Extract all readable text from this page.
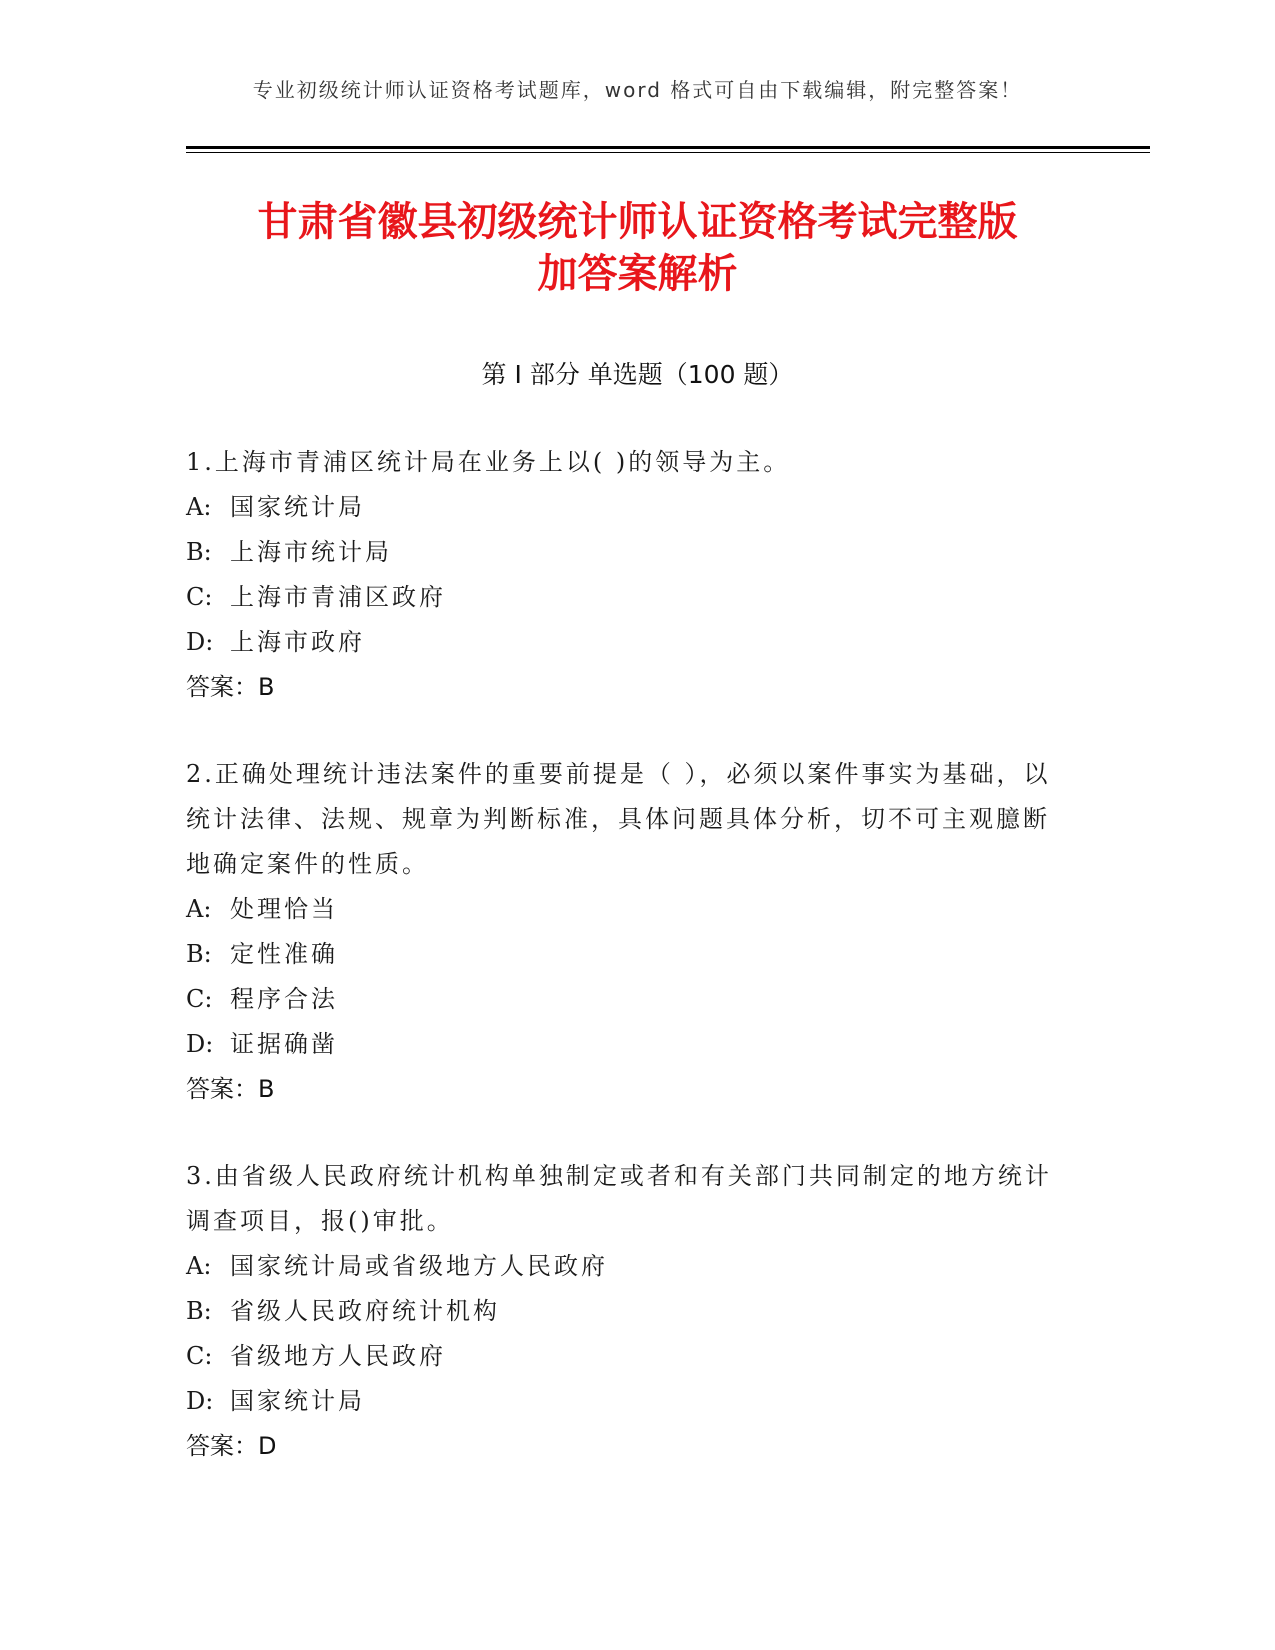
专业初级统计师认证资格考试题库，word 格式可自由下载编辑，附完整答案！
甘肃省徽县初级统计师认证资格考试完整版
加答案解析
第 I 部分 单选题（100 题）

1.上海市青浦区统计局在业务上以( )的领导为主。

A: 国家统计局

B: 上海市统计局

C: 上海市青浦区政府

D: 上海市政府

答案：B

2.正确处理统计违法案件的重要前提是（ ），必须以案件事实为基础，以统计法律、法规、规章为判断标准，具体问题具体分析，切不可主观臆断地确定案件的性质。

A: 处理恰当

B: 定性准确

C: 程序合法

D: 证据确凿

答案：B

3.由省级人民政府统计机构单独制定或者和有关部门共同制定的地方统计调查项目，报()审批。

A: 国家统计局或省级地方人民政府

B: 省级人民政府统计机构

C: 省级地方人民政府

D: 国家统计局

答案：D
